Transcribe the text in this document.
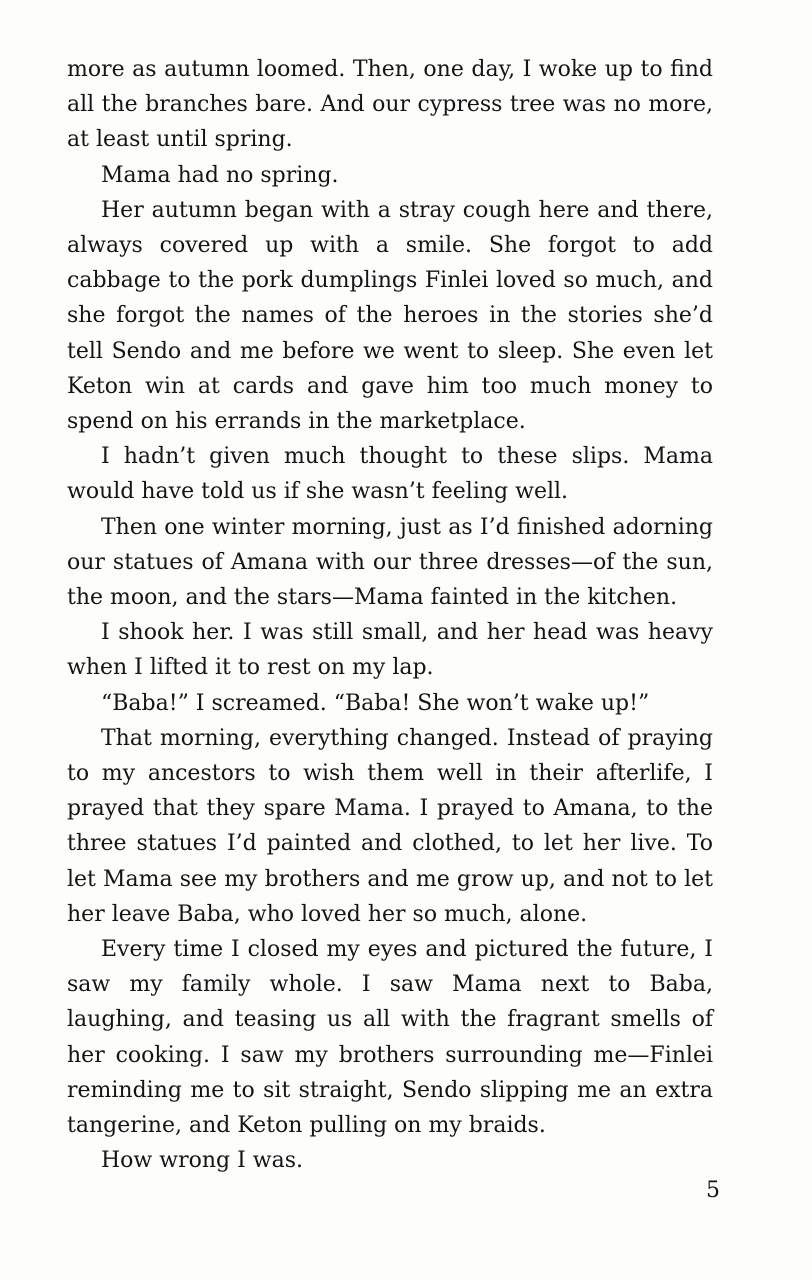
more as autumn loomed. Then, one day, I woke up to find all the branches bare. And our cypress tree was no more, at least until spring.

Mama had no spring.

Her autumn began with a stray cough here and there, always covered up with a smile. She forgot to add cabbage to the pork dumplings Finlei loved so much, and she forgot the names of the heroes in the stories she’d tell Sendo and me before we went to sleep. She even let Keton win at cards and gave him too much money to spend on his errands in the marketplace.

I hadn’t given much thought to these slips. Mama would have told us if she wasn’t feeling well.

Then one winter morning, just as I’d finished adorning our statues of Amana with our three dresses—of the sun, the moon, and the stars—Mama fainted in the kitchen.

I shook her. I was still small, and her head was heavy when I lifted it to rest on my lap.

“Baba!” I screamed. “Baba! She won’t wake up!”

That morning, everything changed. Instead of praying to my ancestors to wish them well in their afterlife, I prayed that they spare Mama. I prayed to Amana, to the three statues I’d painted and clothed, to let her live. To let Mama see my brothers and me grow up, and not to let her leave Baba, who loved her so much, alone.

Every time I closed my eyes and pictured the future, I saw my family whole. I saw Mama next to Baba, laughing, and teasing us all with the fragrant smells of her cooking. I saw my brothers surrounding me—Finlei reminding me to sit straight, Sendo slipping me an extra tangerine, and Keton pulling on my braids.

How wrong I was.

5
